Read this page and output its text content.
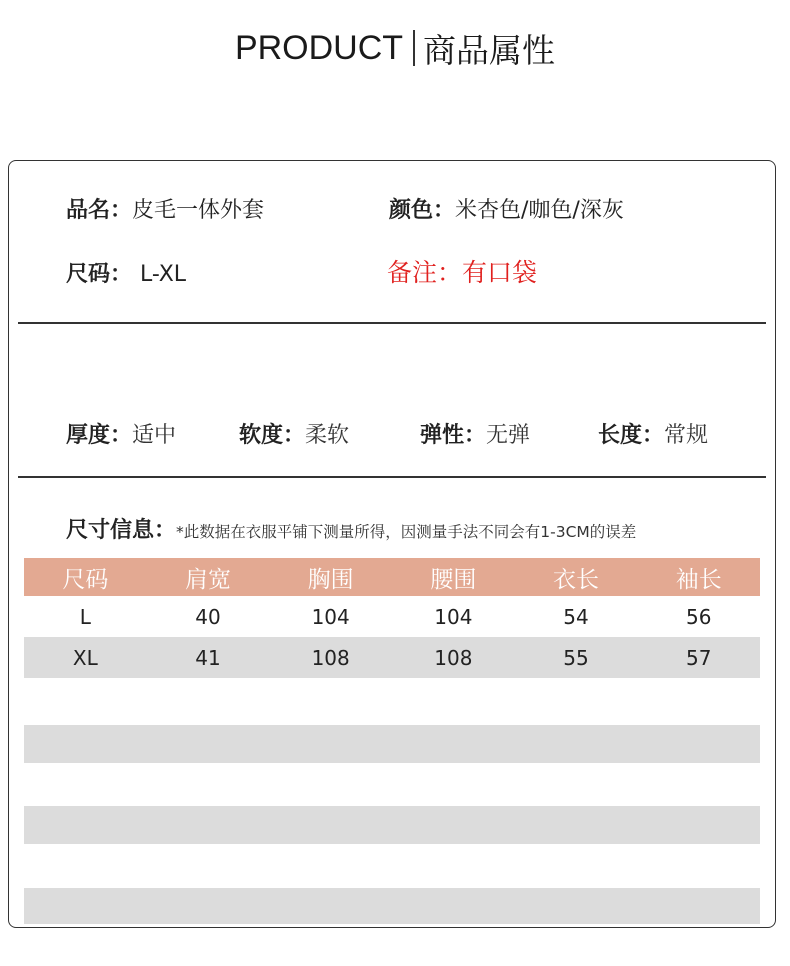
PRODUCT 商品属性
品名：皮毛一体外套	颜色：米杏色/咖色/深灰
尺码： L-XL	备注：有口袋
厚度：适中	软度：柔软	弹性：无弹	长度：常规
尺寸信息：*此数据在衣服平铺下测量所得，因测量手法不同会有1-3CM的误差
尺码	肩宽	胸围	腰围	衣长	袖长
L	40	104	104	54	56
XL	41	108	108	55	57
